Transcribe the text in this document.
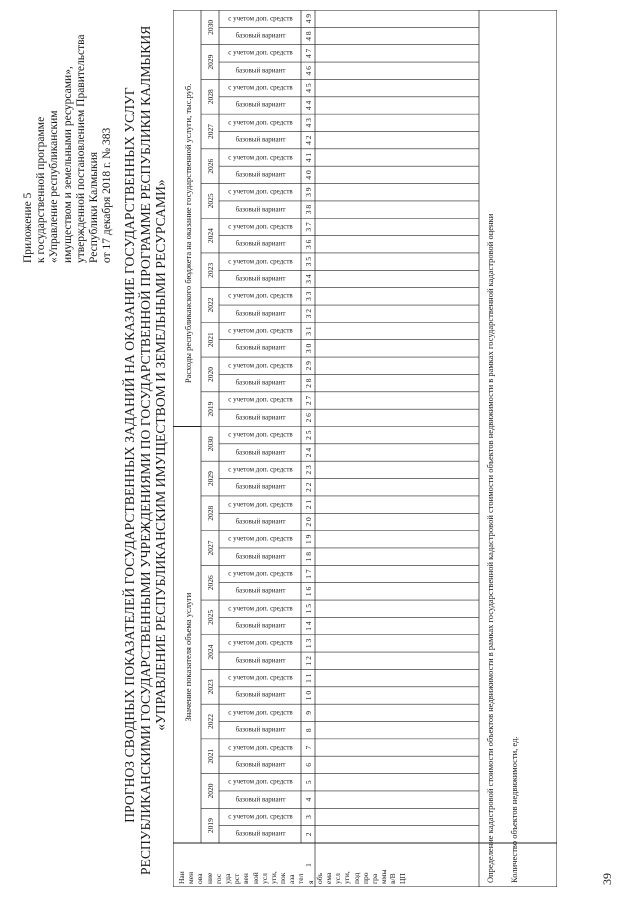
39
Приложение 5 к государственной программе «Управление республиканским имуществом и земельными ресурсами», утвержденной постановлением Правительства Республики Калмыкия от 17 декабря 2018 г. № 383 ПРОГНОЗ СВОДНЫХ ПОКАЗАТЕЛЕЙ ГОСУДАРСТВЕННЫХ ЗАДАНИЙ НА ОКАЗАНИЕ ГОСУДАРСТВЕННЫХ УСЛУГ РЕСПУБЛИКАНСКИМИ ГОСУДАРСТВЕННЫМИ УЧРЕЖДЕНИЯМИ ПО ГОСУДАРСТВЕННОЙ ПРОГРАММЕ РЕСПУБЛИКИ КАЛМЫКИЯ «УПРАВЛЕНИЕ РЕСПУБЛИКАНСКИМ ИМУЩЕСТВОМ И ЗЕМЕЛЬНЫМИ РЕСУРСАМИ»
Наи мен ова ние гос уда рст вен ной усл уги, пок аза тел я объ ема усл уги, под про гра ммы в/В ЦП
Значение показателя объема услуги
Расходы республиканского бюджета на оказание государственной услуги, тыс.руб.
2019
2020
2021
2022
2023
2024
2025
2026
2027
2028
2029
2030
2019
2020
2021
2022
2023
2024
2025
2026
2027
2028
2029
2030
базовый вариант
с учетом доп. средств
базовый вариант
с учетом доп. средств
базовый вариант
с учетом доп. средств
базовый вариант
с учетом доп. средств
базовый вариант
с учетом доп. средств
базовый вариант
с учетом доп. средств
базовый вариант
с учетом доп. средств
базовый вариант
с учетом доп. средств
базовый вариант
с учетом доп. средств
базовый вариант
с учетом доп. средств
базовый вариант
с учетом доп. средств
базовый вариант
с учетом доп. средств
базовый вариант
с учетом доп. средств
базовый вариант
с учетом доп. средств
базовый вариант
с учетом доп. средств
базовый вариант
с учетом доп. средств
базовый вариант
с учетом доп. средств
базовый вариант
с учетом доп. средств
базовый вариант
с учетом доп. средств
базовый вариант
с учетом доп. средств
базовый вариант
с учетом доп. средств
базовый вариант
с учетом доп. средств
базовый вариант
с учетом доп. средств
базовый вариант
с учетом доп. средств
1
2
3
4
5
6
7
8
9
1 0
1 1
1 2
1 3
1 4
1 5
1 6
1 7
1 8
1 9
2 0
2 1
2 2
2 3
2 4
2 5
2 6
2 7
2 8
2 9
3 0
3 1
3 2
3 3
3 4
3 5
3 6
3 7
3 8
3 9
4 0
4 1
4 2
4 3
4 4
4 5
4 6
4 7
4 8
4 9
Определение кадастровой стоимости объектов недвижимости в рамках государственной кадастровой стоимости объектов недвижимости в рамках государственной кадастровой оценки Количество объектов недвижимости, ед.
